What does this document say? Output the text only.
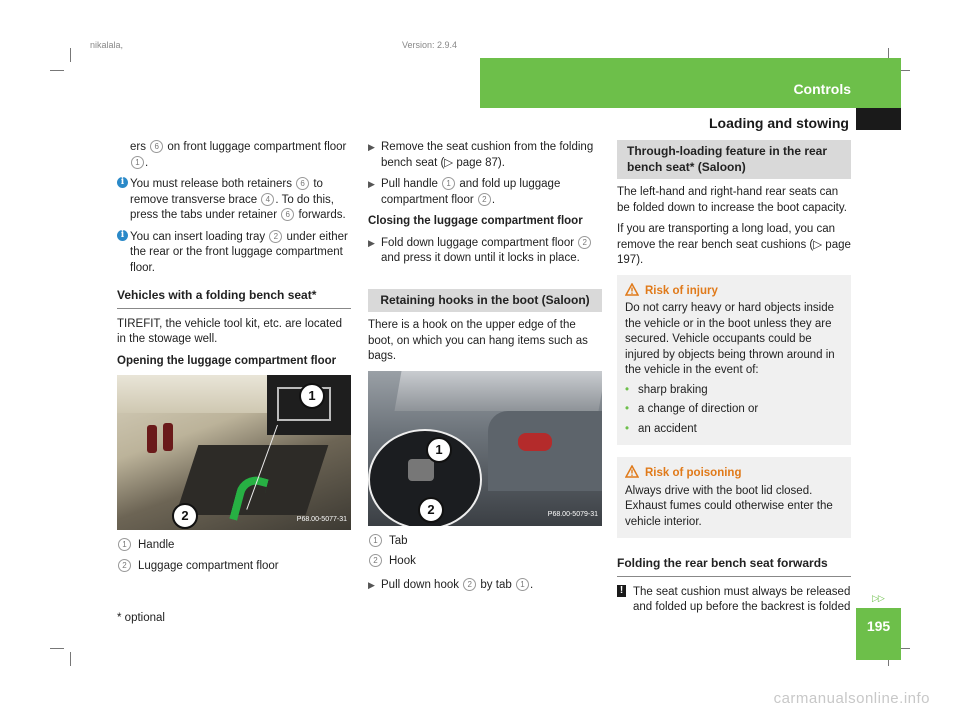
nikalala,	Version: 2.9.4
Controls
Loading and stowing

ers 6 on front luggage compartment floor 1 .

i You must release both retainers 6 to remove transverse brace 4 . To do this, press the tabs under retainer 6 forwards.
i You can insert loading tray 2 under either the rear or the front luggage compartment floor.
Vehicles with a folding bench seat*

TIREFIT, the vehicle tool kit, etc. are located in the stowage well.

Opening the luggage compartment floor
1
2	P68.00-5077-31
1 Handle
2 Luggage compartment floor
▶ Remove the seat cushion from the folding bench seat (▷ page 87).
▶ Pull handle 1 and fold up luggage compartment floor 2 .
Closing the luggage compartment floor
▶ Fold down luggage compartment floor 2 and press it down until it locks in place.
Retaining hooks in the boot (Saloon)

There is a hook on the upper edge of the boot, on which you can hang items such as bags.

1
2	P68.00-5079-31
1 Tab
2 Hook
▶ Pull down hook 2 by tab 1 .
Through-loading feature in the rear
bench seat* (Saloon)

The left-hand and right-hand rear seats can be folded down to increase the boot capacity.

If you are transporting a long load, you can remove the rear bench seat cushions (▷ page 197).

Risk of injury

Do not carry heavy or hard objects inside the vehicle or in the boot unless they are secured. Vehicle occupants could be injured by objects being thrown around in the vehicle in the event of:

• sharp braking
• a change of direction or
• an accident
Risk of poisoning

Always drive with the boot lid closed. Exhaust fumes could otherwise enter the vehicle interior.

Folding the rear bench seat forwards
! The seat cushion must always be released and folded up before the backrest is folded
▷▷
* optional	195
carmanualsonline.info
